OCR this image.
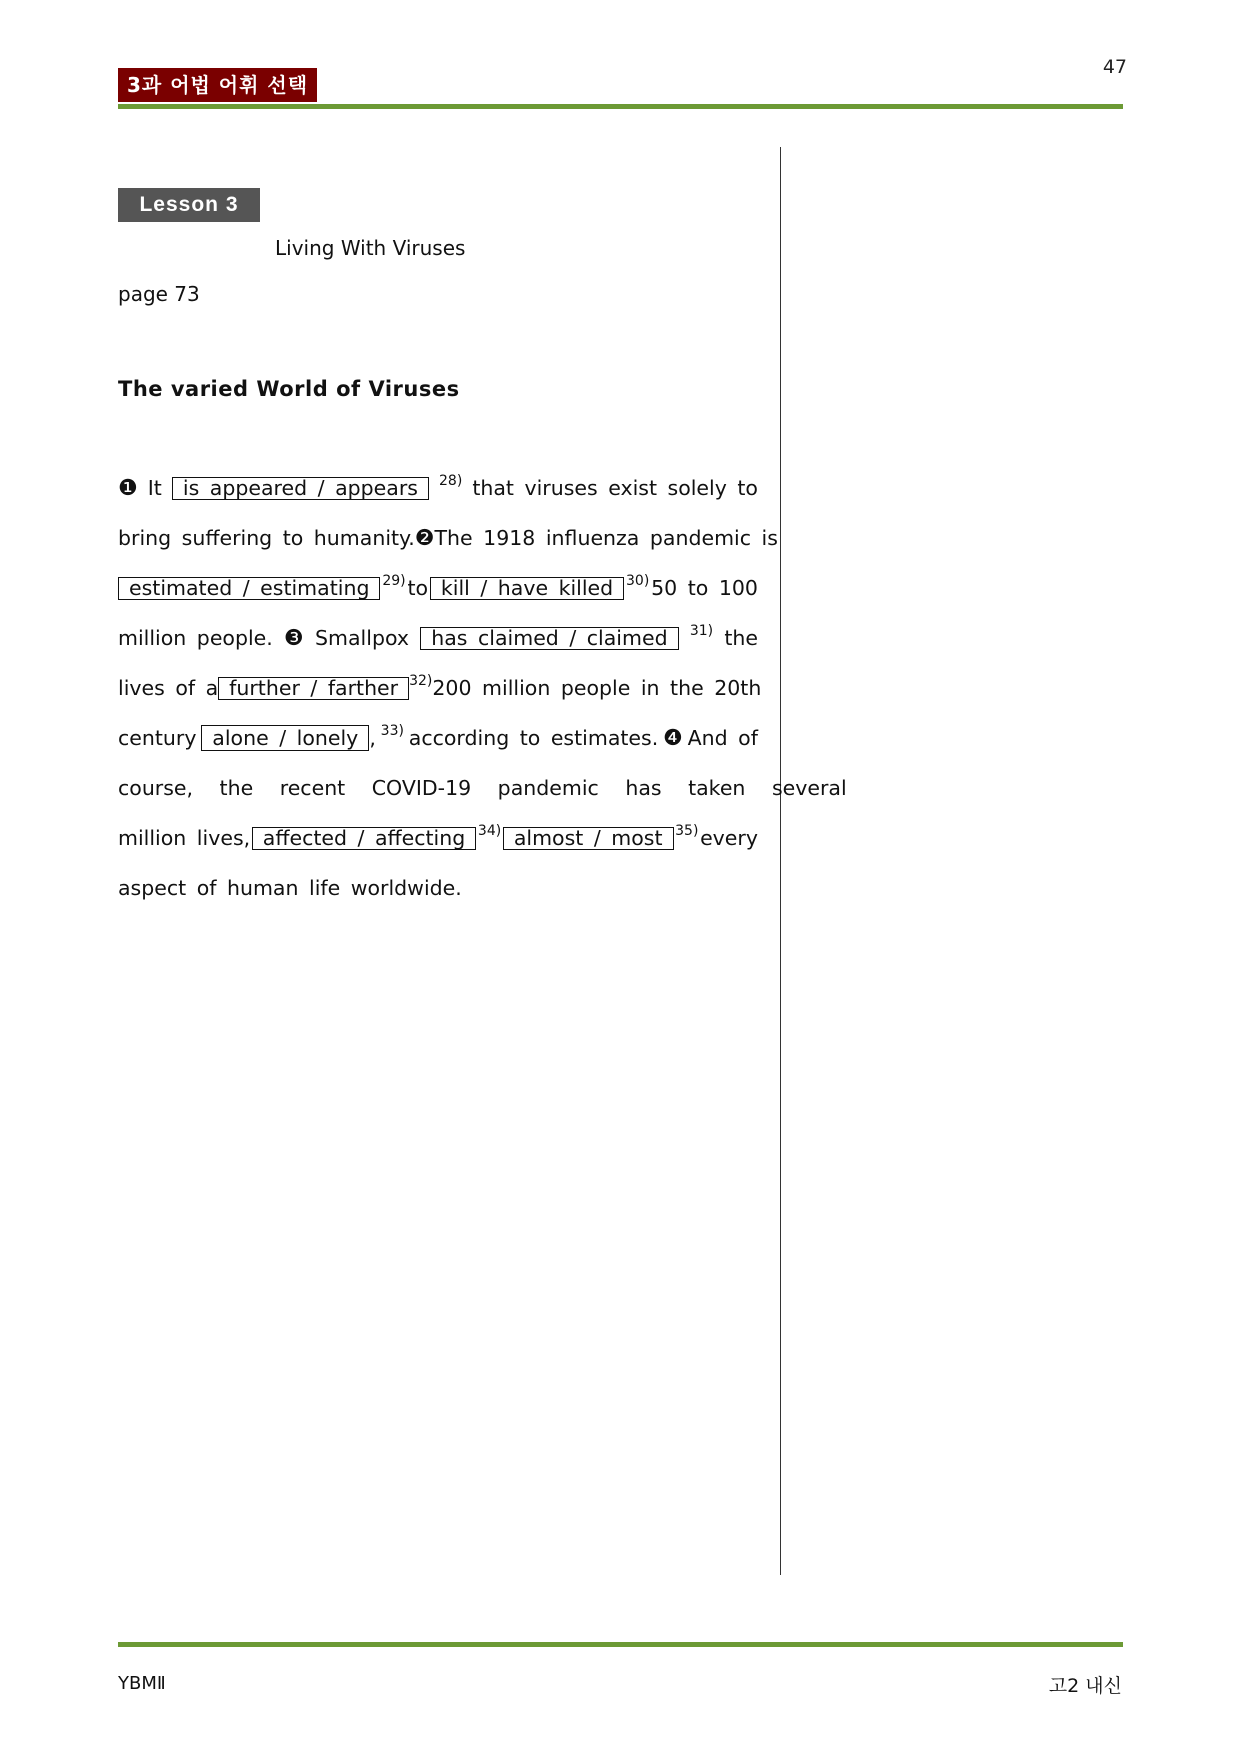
47
3과 어법 어휘 선택
Lesson 3
Living With Viruses
page 73
The varied World of Viruses
❶ It	is appeared / appears	28) that viruses exist solely to
bring suffering to humanity. ❷ The 1918 influenza pandemic is
estimated / estimating 29) to kill / have killed 30) 50 to 100
million people. ❸ Smallpox	has claimed / claimed	31) the
lives of a further / farther 32) 200 million people in the 20th
century alone / lonely , 33) according to estimates. ❹ And of
course, the recent COVID-19 pandemic has taken several
million lives, affected / affecting 34) almost / most 35) every
aspect of human life worldwide.
YBMⅡ	고2 내신
